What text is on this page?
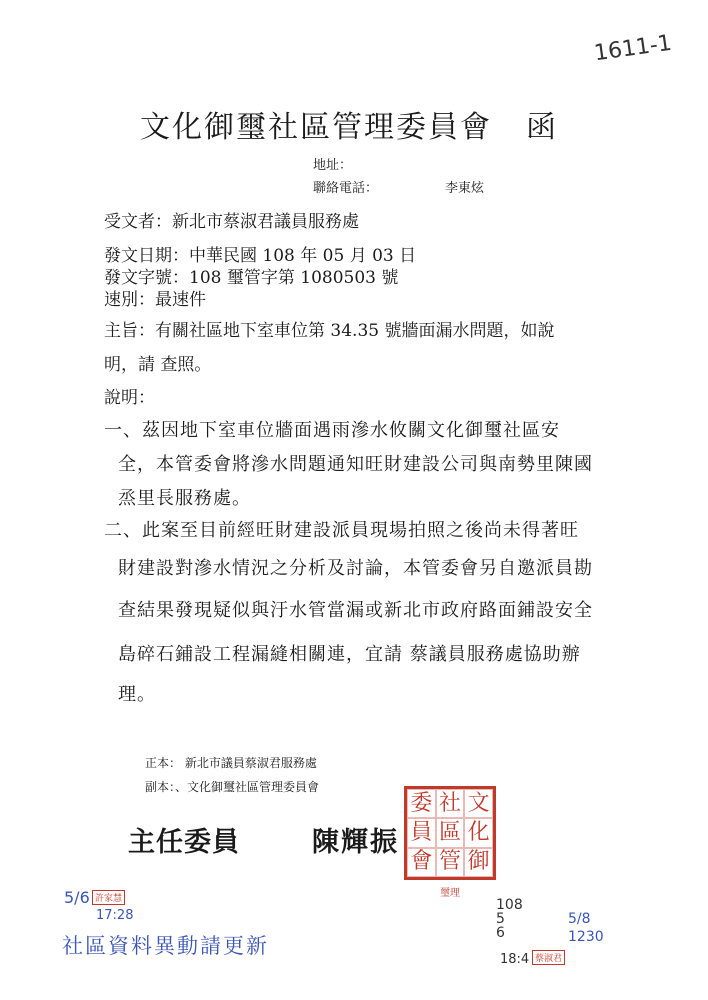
1611-1
文化御璽社區管理委員會 函
地址：
聯絡電話：	李東炫
受文者：新北市蔡淑君議員服務處
發文日期：中華民國 108 年 05 月 03 日
發文字號：108 璽管字第 1080503 號
速別：最速件
主旨：有關社區地下室車位第 34.35 號牆面漏水問題，如說
明，請 查照。
說明：
一、茲因地下室車位牆面遇雨滲水攸關文化御璽社區安
全，本管委會將滲水問題通知旺財建設公司與南勢里陳國
烝里長服務處。
二、此案至目前經旺財建設派員現場拍照之後尚未得著旺
財建設對滲水情況之分析及討論，本管委會另自邀派員勘
查結果發現疑似與汙水管當漏或新北市政府路面鋪設安全
島碎石鋪設工程漏縫相關連，宜請 蔡議員服務處協助辦
理。
正本： 新北市議員蔡淑君服務處
副本：、文化御璽社區管理委員會
主任委員	陳輝振
委 社 文
員 區 化
會 管 御
璽理
5/6 許家慧
17:28
社區資料異動請更新
108 5 6
18:4 蔡淑君
5/8 1230
